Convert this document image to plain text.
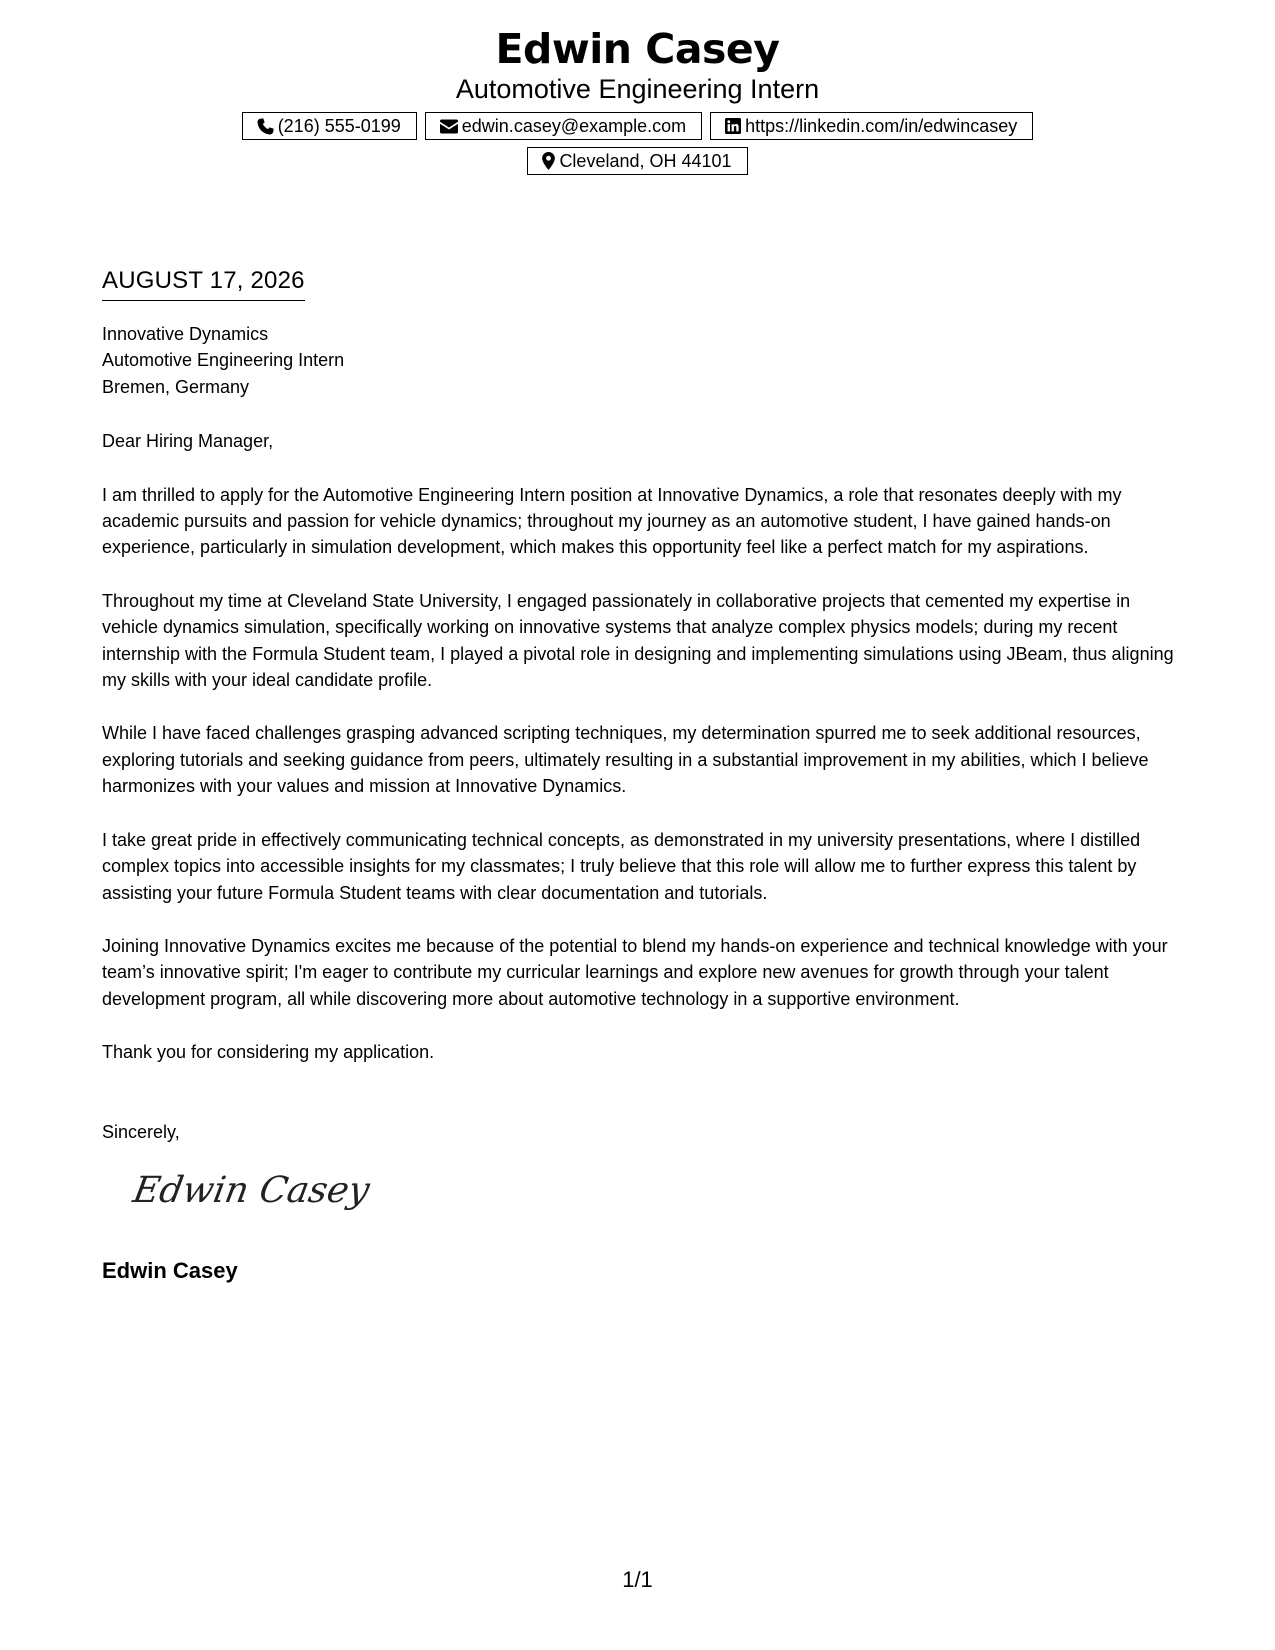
Edwin Casey
Automotive Engineering Intern
(216) 555-0199	edwin.casey@example.com	https://linkedin.com/in/edwincasey
Cleveland, OH 44101
AUGUST 17, 2026
Innovative Dynamics
Automotive Engineering Intern
Bremen, Germany
Dear Hiring Manager,
I am thrilled to apply for the Automotive Engineering Intern position at Innovative Dynamics, a role that resonates deeply with my academic pursuits and passion for vehicle dynamics; throughout my journey as an automotive student, I have gained hands-on experience, particularly in simulation development, which makes this opportunity feel like a perfect match for my aspirations.
Throughout my time at Cleveland State University, I engaged passionately in collaborative projects that cemented my expertise in vehicle dynamics simulation, specifically working on innovative systems that analyze complex physics models; during my recent internship with the Formula Student team, I played a pivotal role in designing and implementing simulations using JBeam, thus aligning my skills with your ideal candidate profile.
While I have faced challenges grasping advanced scripting techniques, my determination spurred me to seek additional resources, exploring tutorials and seeking guidance from peers, ultimately resulting in a substantial improvement in my abilities, which I believe harmonizes with your values and mission at Innovative Dynamics.
I take great pride in effectively communicating technical concepts, as demonstrated in my university presentations, where I distilled complex topics into accessible insights for my classmates; I truly believe that this role will allow me to further express this talent by assisting your future Formula Student teams with clear documentation and tutorials.
Joining Innovative Dynamics excites me because of the potential to blend my hands-on experience and technical knowledge with your team’s innovative spirit; I'm eager to contribute my curricular learnings and explore new avenues for growth through your talent development program, all while discovering more about automotive technology in a supportive environment.
Thank you for considering my application.
Sincerely,
Edwin Casey
Edwin Casey
1/1
